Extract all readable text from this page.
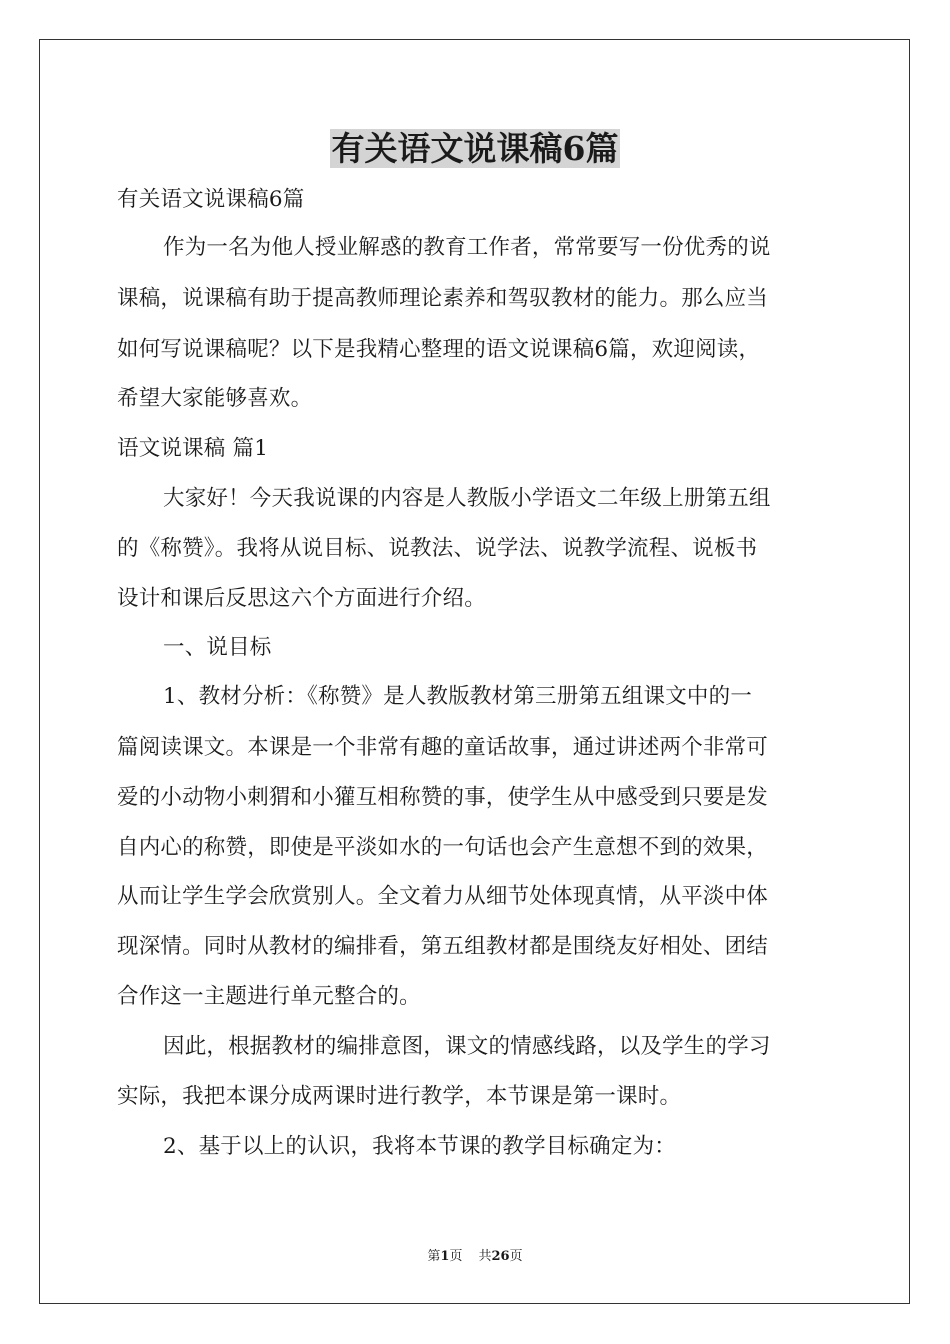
有关语文说课稿6篇
有关语文说课稿6篇
作为一名为他人授业解惑的教育工作者，常常要写一份优秀的说
课稿，说课稿有助于提高教师理论素养和驾驭教材的能力。那么应当
如何写说课稿呢？以下是我精心整理的语文说课稿6篇，欢迎阅读，
希望大家能够喜欢。
语文说课稿 篇1
大家好！今天我说课的内容是人教版小学语文二年级上册第五组
的《称赞》。我将从说目标、说教法、说学法、说教学流程、说板书
设计和课后反思这六个方面进行介绍。
一、说目标
1、教材分析：《称赞》是人教版教材第三册第五组课文中的一
篇阅读课文。本课是一个非常有趣的童话故事，通过讲述两个非常可
爱的小动物小刺猬和小獾互相称赞的事，使学生从中感受到只要是发
自内心的称赞，即使是平淡如水的一句话也会产生意想不到的效果，
从而让学生学会欣赏别人。全文着力从细节处体现真情，从平淡中体
现深情。同时从教材的编排看，第五组教材都是围绕友好相处、团结
合作这一主题进行单元整合的。
因此，根据教材的编排意图，课文的情感线路，以及学生的学习
实际，我把本课分成两课时进行教学，本节课是第一课时。
2、基于以上的认识，我将本节课的教学目标确定为：
第1页 共26页
